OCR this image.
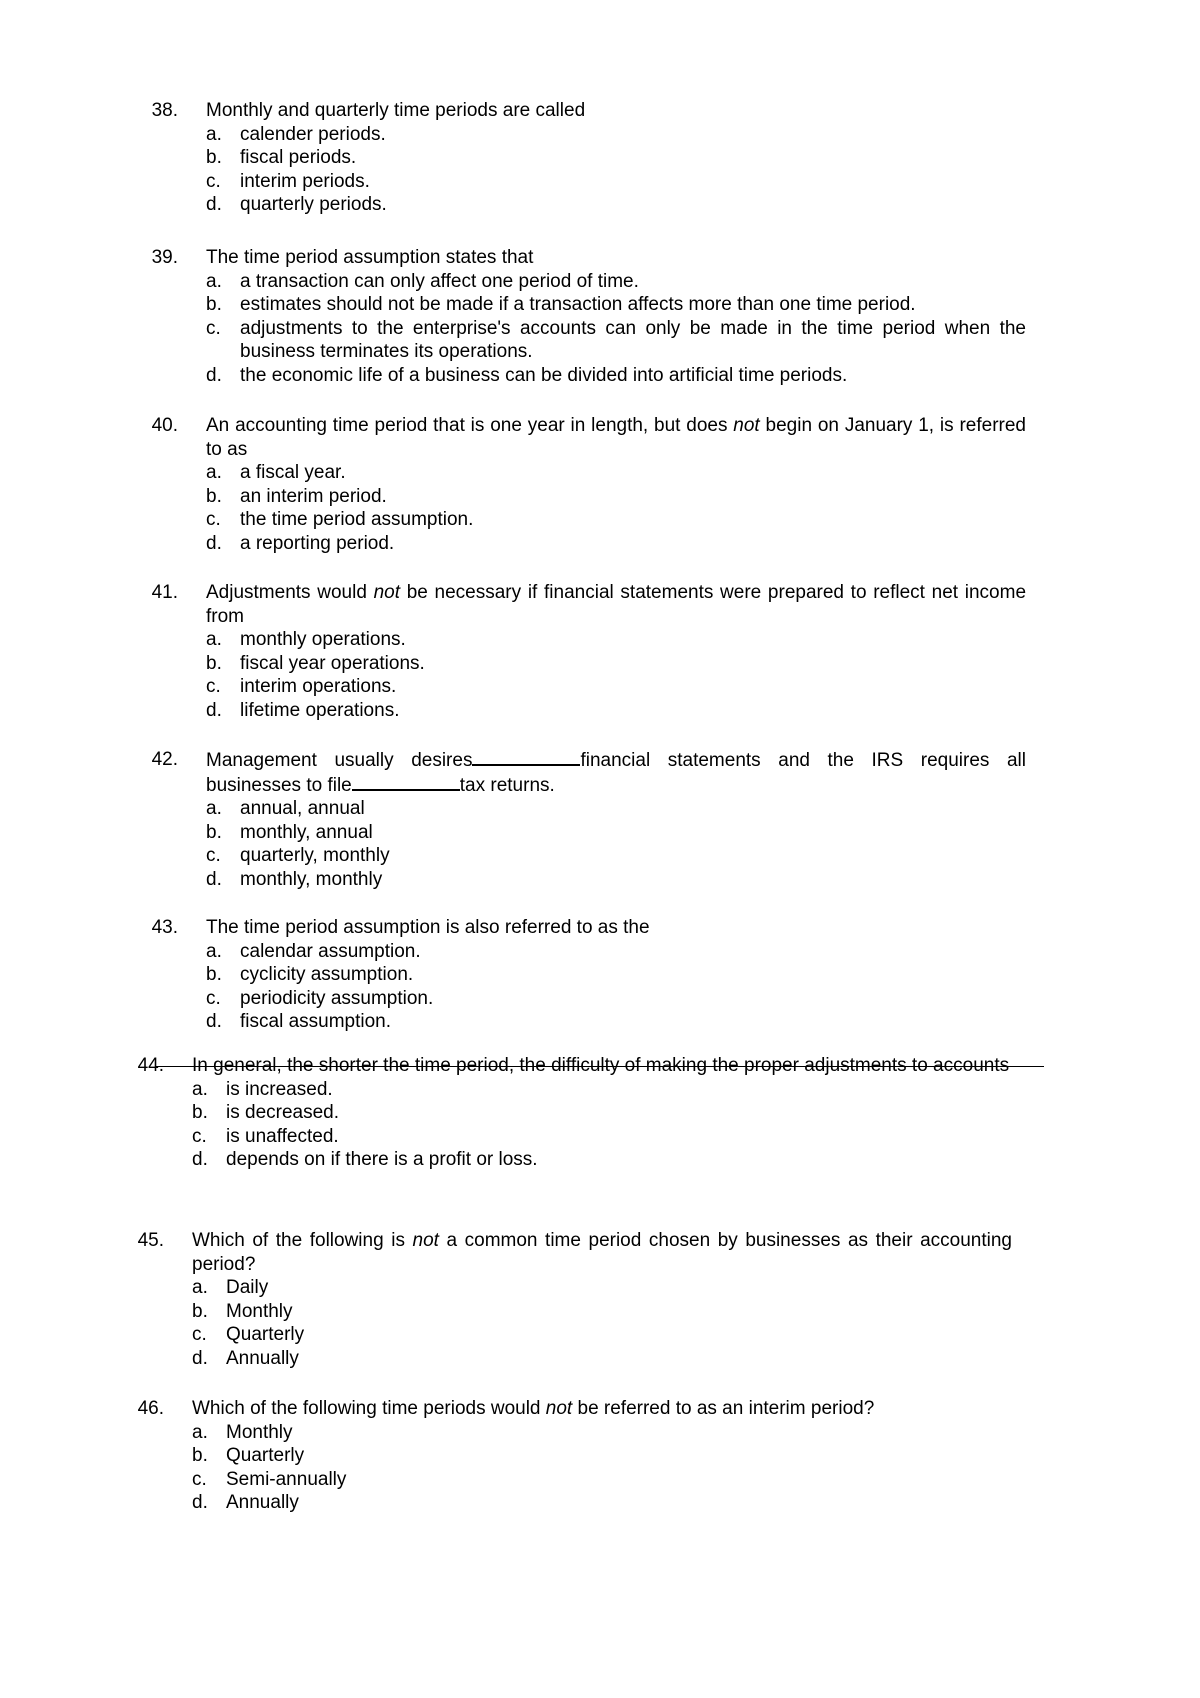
38. Monthly and quarterly time periods are called
a. calender periods.
b. fiscal periods.
c.	interim periods.
d. quarterly periods.
39. The time period assumption states that
a. a transaction can only affect one period of time.
b. estimates should not be made if a transaction affects more than one time period.
c.	adjustments to the enterprise's accounts can only be made in the time period when the business terminates its operations.
d. the economic life of a business can be divided into artificial time periods.
40. An accounting time period that is one year in length, but does not begin on January 1, is referred to as
a. a fiscal year.
b. an interim period.
c.	the time period assumption.
d. a reporting period.
41. Adjustments would not be necessary if financial statements were prepared to reflect net income from
a. monthly operations.
b. fiscal year operations.
c.	interim operations.
d. lifetime operations.
42. Management usually desires	financial statements and the IRS requires all businesses to file	tax returns.
a. annual, annual
b. monthly, annual
c.	quarterly, monthly
d. monthly, monthly
43. The time period assumption is also referred to as the
a. calendar assumption.
b. cyclicity assumption.
c.	periodicity assumption.
d. fiscal assumption.
44. In general, the shorter the time period, the difficulty of making the proper adjustments to accounts
a. is increased.
b. is decreased.
c.	is unaffected.
d. depends on if there is a profit or loss.
45. Which of the following is not a common time period chosen by businesses as their accounting period?
a. Daily
b. Monthly
c.	Quarterly
d. Annually
46. Which of the following time periods would not be referred to as an interim period?
a. Monthly
b. Quarterly
c.	Semi-annually
d. Annually
